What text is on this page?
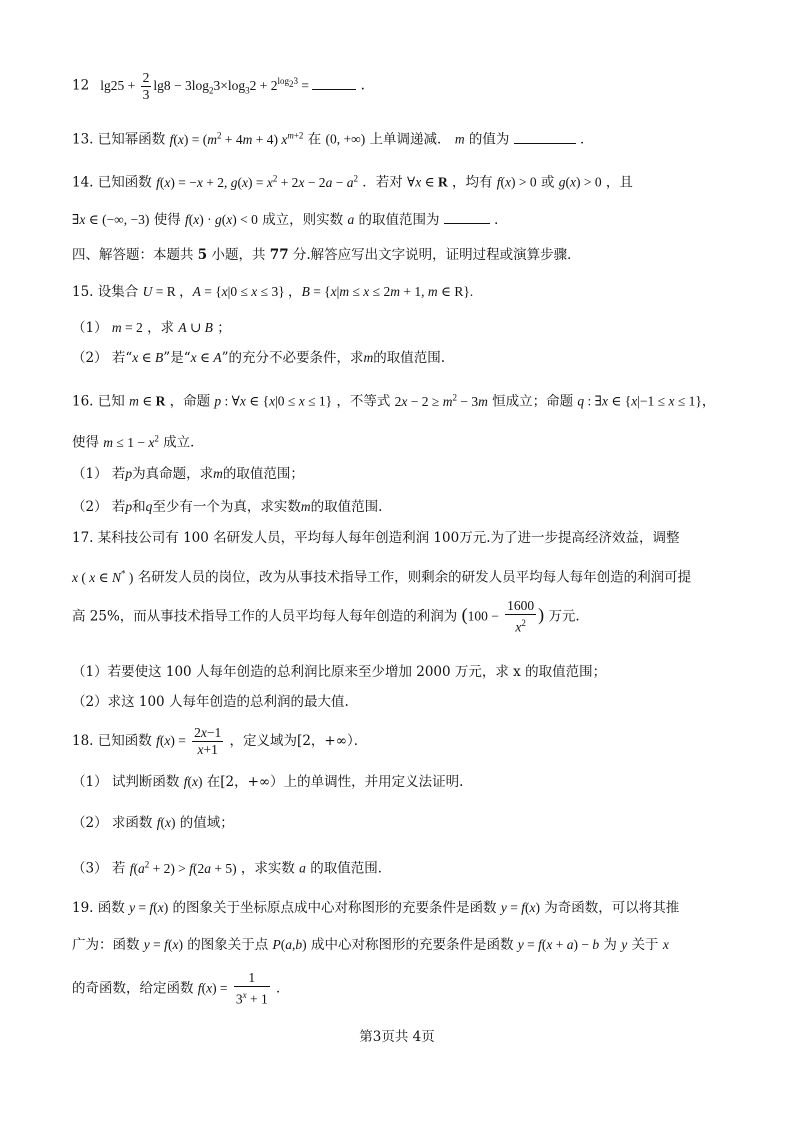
12   $\lg 25 + \frac{2}{3} \lg 8 - 3\log_23\times\log_32 + 2^{log_23}$ =	.
13. 已知幂函数 $f(x) = (m^2 + 4m + 4)$ $x^{m+2}$ 在 (0, +∞) 上单调递减． m 的值为	．
14. 已知函数 f(x) = −x + 2, $g(x) = x^2 + 2x - 2a - a^2$ ．若对 ∀x ∈ R ，均有 f(x) > 0 或 g(x) > 0 ，且
∃x ∈ (−∞, −3) 使得 f(x) · g(x) < 0 成立，则实数 a 的取值范围为	．
四、解答题：本题共 5 小题，共 77 分.解答应写出文字说明，证明过程或演算步骤．
15. 设集合 U = R ，A = {x|0 ≤ x ≤ 3} ，B = {x|m ≤ x ≤ 2m + 1, m ∈ R}.
（1） m = 2 ，求 A ∪ B ；
（2） 若“x ∈ B”是“x ∈ A”的充分不必要条件，求m的取值范围.
16. 已知 m ∈ R ，命题 p : ∀x ∈ {x|0 ≤ x ≤ 1} ，不等式 $2x - 2 \ge m^2 - 3m$ 恒成立；命题 q : ∃x ∈ {x|−1 ≤ x ≤ 1}，
使得 $m \le 1 - x^2$ 成立．
（1） 若p为真命题，求m的取值范围；
（2） 若p和q至少有一个为真，求实数m的取值范围.
17. 某科技公司有 100 名研发人员，平均每人每年创造利润 100万元.为了进一步提高经济效益，调整
x ( x ∈ N* ) 名研发人员的岗位，改为从事技术指导工作，则剩余的研发人员平均每人每年创造的利润可提
高 25%，而从事技术指导工作的人员平均每人每年创造的利润为 ($100 - \frac{1600}{x^2}$ ) 万元.
（1）若要使这 100 人每年创造的总利润比原来至少增加 2000 万元，求 x 的取值范围；
（2）求这 100 人每年创造的总利润的最大值.
18. 已知函数 $f(x) = \frac{2x-1}{x+1}$ ，定义域为[2，+∞）．
（1） 试判断函数 f(x) 在[2，+∞）上的单调性，并用定义法证明.
（2） 求函数 f(x) 的值域；
（3） 若 $f(a^2 + 2) > f(2a + 5)$ ，求实数 a 的取值范围．
19. 函数 y = f(x) 的图象关于坐标原点成中心对称图形的充要条件是函数 y = f(x) 为奇函数，可以将其推
广为：函数 y = f(x) 的图象关于点 P(a,b) 成中心对称图形的充要条件是函数 y = f(x + a) − b 为 y 关于 x
的奇函数，给定函数 $f(x) = \frac{1}{3^x + 1}$ ．
第3页共 4页
